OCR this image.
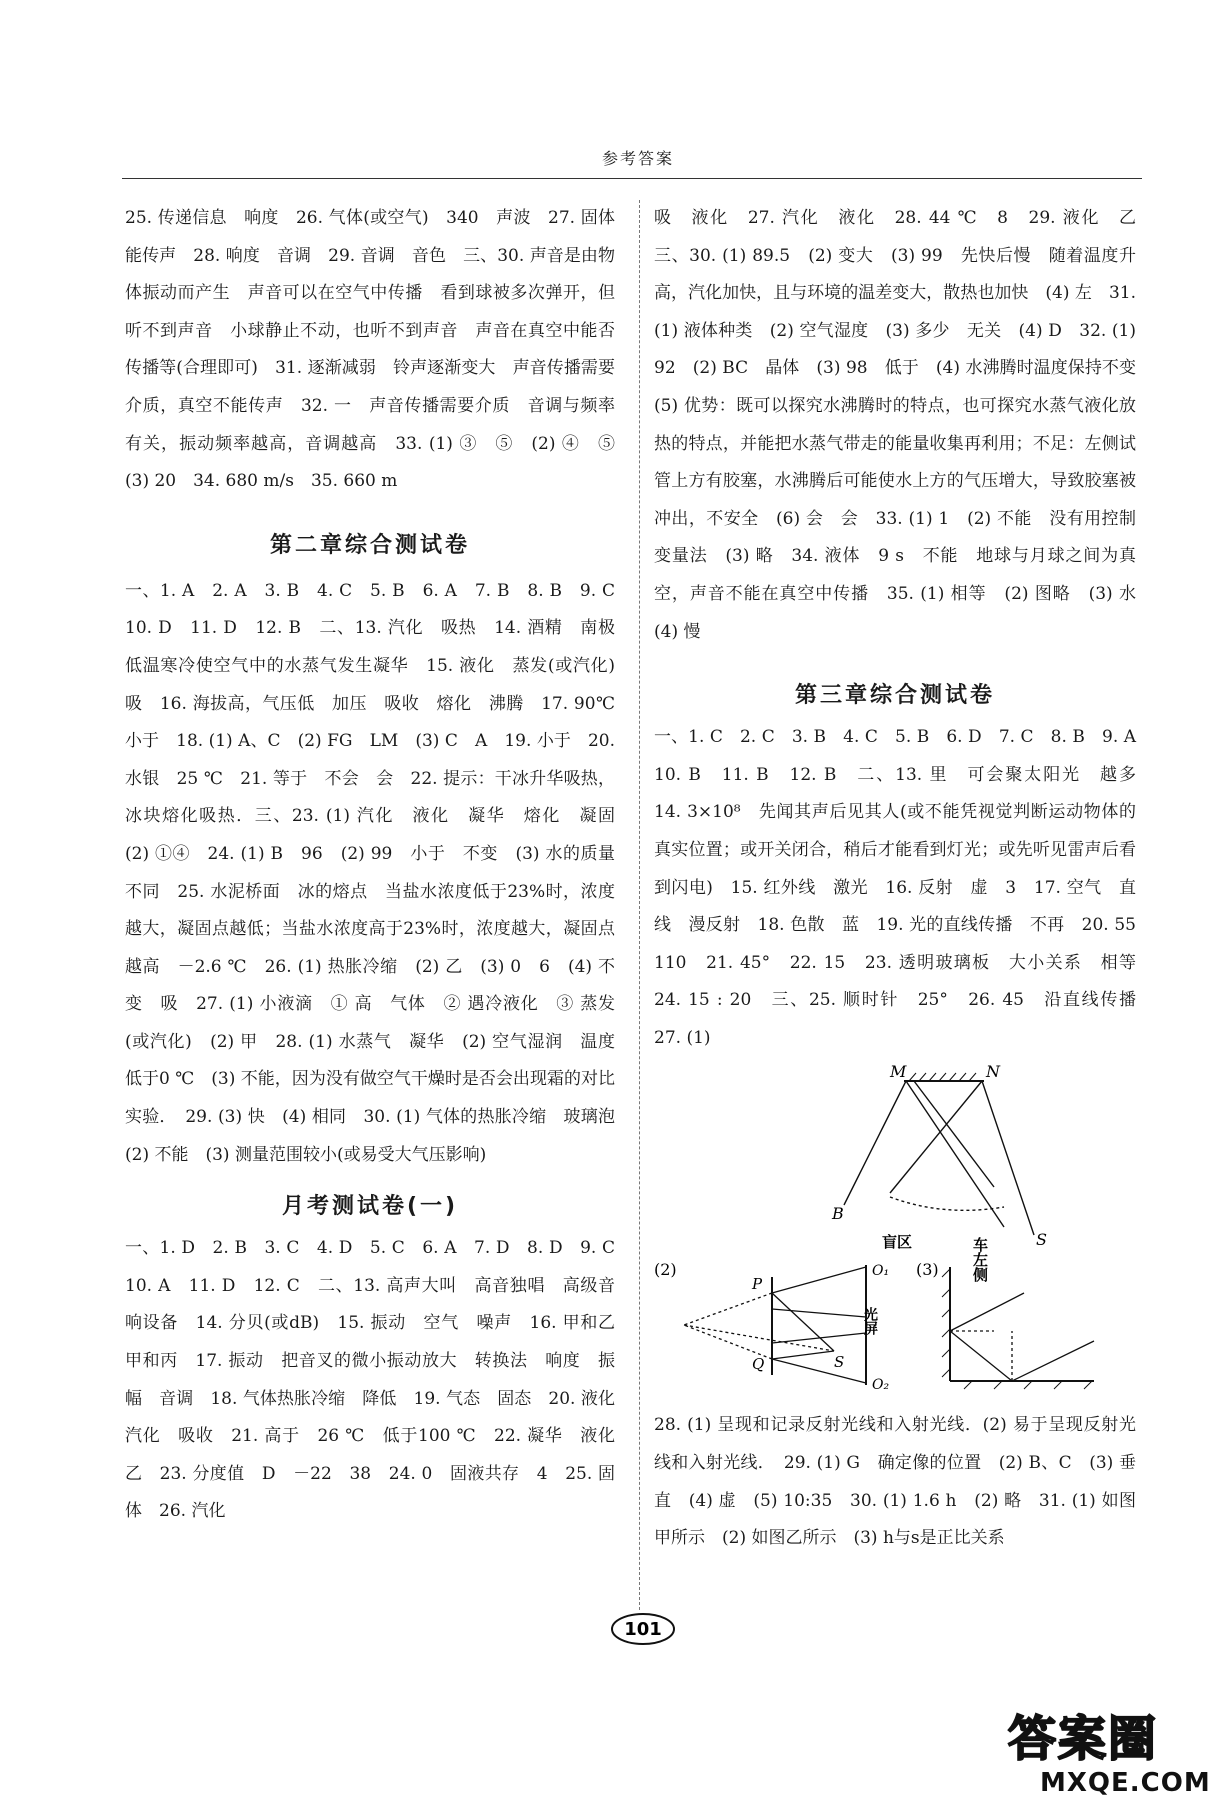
参考答案

25. 传递信息　响度　26. 气体(或空气)　340　声波　27. 固体能传声　28. 响度　音调　29. 音调　音色　三、30. 声音是由物体振动而产生　声音可以在空气中传播　看到球被多次弹开，但听不到声音　小球静止不动，也听不到声音　声音在真空中能否传播等(合理即可)　31. 逐渐减弱　铃声逐渐变大　声音传播需要介质，真空不能传声　32. 一　声音传播需要介质　音调与频率有关，振动频率越高，音调越高　33. (1) ③　⑤　(2) ④　⑤　(3) 20　34. 680 m/s　35. 660 m

第二章综合测试卷

一、1. A　2. A　3. B　4. C　5. B　6. A　7. B　8. B　9. C　10. D　11. D　12. B　二、13. 汽化　吸热　14. 酒精　南极低温寒冷使空气中的水蒸气发生凝华　15. 液化　蒸发(或汽化)　吸　16. 海拔高，气压低　加压　吸收　熔化　沸腾　17. 90℃　小于　18. (1) A、C　(2) FG　LM　(3) C　A　19. 小于　20. 水银　25 ℃　21. 等于　不会　会　22. 提示：干冰升华吸热，冰块熔化吸热．三、23. (1) 汽化　液化　凝华　熔化　凝固　(2) ①④　24. (1) B　96　(2) 99　小于　不变　(3) 水的质量不同　25. 水泥桥面　冰的熔点　当盐水浓度低于23%时，浓度越大，凝固点越低；当盐水浓度高于23%时，浓度越大，凝固点越高　－2.6 ℃　26. (1) 热胀冷缩　(2) 乙　(3) 0　6　(4) 不变　吸　27. (1) 小液滴　① 高　气体　② 遇冷液化　③ 蒸发(或汽化)　(2) 甲　28. (1) 水蒸气　凝华　(2) 空气湿润　温度低于0 ℃　(3) 不能，因为没有做空气干燥时是否会出现霜的对比实验．　29. (3) 快　(4) 相同　30. (1) 气体的热胀冷缩　玻璃泡　(2) 不能　(3) 测量范围较小(或易受大气压影响)

月考测试卷(一)

一、1. D　2. B　3. C　4. D　5. C　6. A　7. D　8. D　9. C　10. A　11. D　12. C　二、13. 高声大叫　高音独唱　高级音响设备　14. 分贝(或dB)　15. 振动　空气　噪声　16. 甲和乙　甲和丙　17. 振动　把音叉的微小振动放大　转换法　响度　振幅　音调　18. 气体热胀冷缩　降低　19. 气态　固态　20. 液化　汽化　吸收　21. 高于　26 ℃　低于100 ℃　22. 凝华　液化　乙　23. 分度值　D　－22　38　24. 0　固液共存　4　25. 固体　26. 汽化

吸　液化　27. 汽化　液化　28. 44 ℃　8　29. 液化　乙　三、30. (1) 89.5　(2) 变大　(3) 99　先快后慢　随着温度升高，汽化加快，且与环境的温差变大，散热也加快　(4) 左　31. (1) 液体种类　(2) 空气湿度　(3) 多少　无关　(4) D　32. (1) 92　(2) BC　晶体　(3) 98　低于　(4) 水沸腾时温度保持不变　(5) 优势：既可以探究水沸腾时的特点，也可探究水蒸气液化放热的特点，并能把水蒸气带走的能量收集再利用；不足：左侧试管上方有胶塞，水沸腾后可能使水上方的气压增大，导致胶塞被冲出，不安全　(6) 会　会　33. (1) 1　(2) 不能　没有用控制变量法　(3) 略　34. 液体　9 s　不能　地球与月球之间为真空，声音不能在真空中传播　35. (1) 相等　(2) 图略　(3) 水　(4) 慢

第三章综合测试卷

一、1. C　2. C　3. B　4. C　5. B　6. D　7. C　8. B　9. A　10. B　11. B　12. B　二、13. 里　可会聚太阳光　越多　14. 3×10⁸　先闻其声后见其人(或不能凭视觉判断运动物体的真实位置；或开关闭合，稍后才能看到灯光；或先听见雷声后看到闪电)　15. 红外线　激光　16. 反射　虚　3　17. 空气　直线　漫反射　18. 色散　蓝　19. 光的直线传播　不再　20. 55　110　21. 45°　22. 15　23. 透明玻璃板　大小关系　相等　24. 15 : 20　三、25. 顺时针　25°　26. 45　沿直线传播　27. (1)

M	N
B
S
盲区	车左侧
(2)
P
Q	S
O₁
O₂
光屏
(3)

28. (1) 呈现和记录反射光线和入射光线．(2) 易于呈现反射光线和入射光线．　29. (1) G　确定像的位置　(2) B、C　(3) 垂直　(4) 虚　(5) 10:35　30. (1) 1.6 h　(2) 略　31. (1) 如图甲所示　(2) 如图乙所示　(3) h与s是正比关系

101
答案圈
MXQE.COM
